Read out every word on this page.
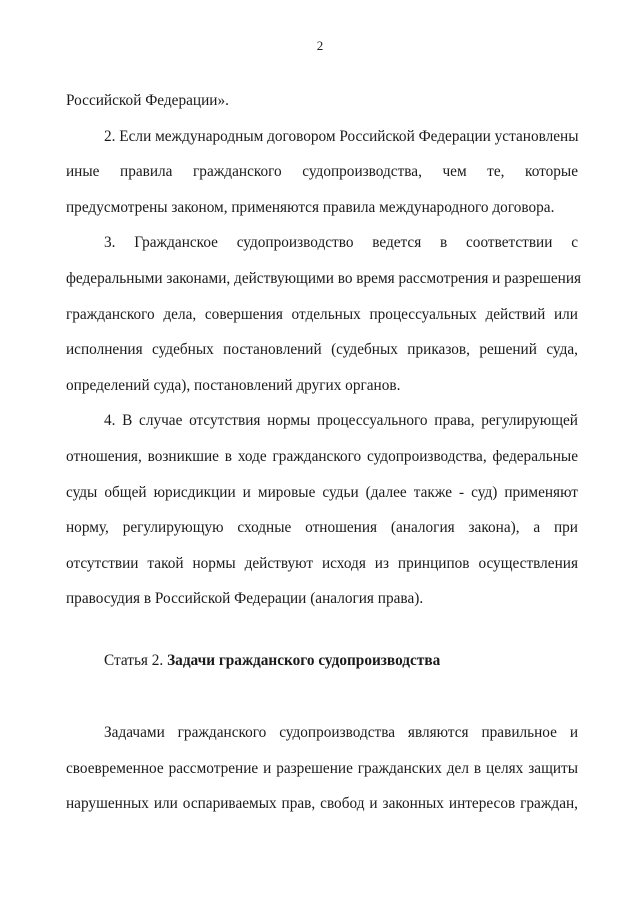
2
Российской Федерации».
2. Если международным договором Российской Федерации установлены
иные правила гражданского судопроизводства, чем те, которые
предусмотрены законом, применяются правила международного договора.
3. Гражданское судопроизводство ведется в соответствии с
федеральными законами, действующими во время рассмотрения и разрешения
гражданского дела, совершения отдельных процессуальных действий или
исполнения судебных постановлений (судебных приказов, решений суда,
определений суда), постановлений других органов.
4. В случае отсутствия нормы процессуального права, регулирующей
отношения, возникшие в ходе гражданского судопроизводства, федеральные
суды общей юрисдикции и мировые судьи (далее также - суд) применяют
норму, регулирующую сходные отношения (аналогия закона), а при
отсутствии такой нормы действуют исходя из принципов осуществления
правосудия в Российской Федерации (аналогия права).
Статья 2. Задачи гражданского судопроизводства
Задачами гражданского судопроизводства являются правильное и
своевременное рассмотрение и разрешение гражданских дел в целях защиты
нарушенных или оспариваемых прав, свобод и законных интересов граждан,
